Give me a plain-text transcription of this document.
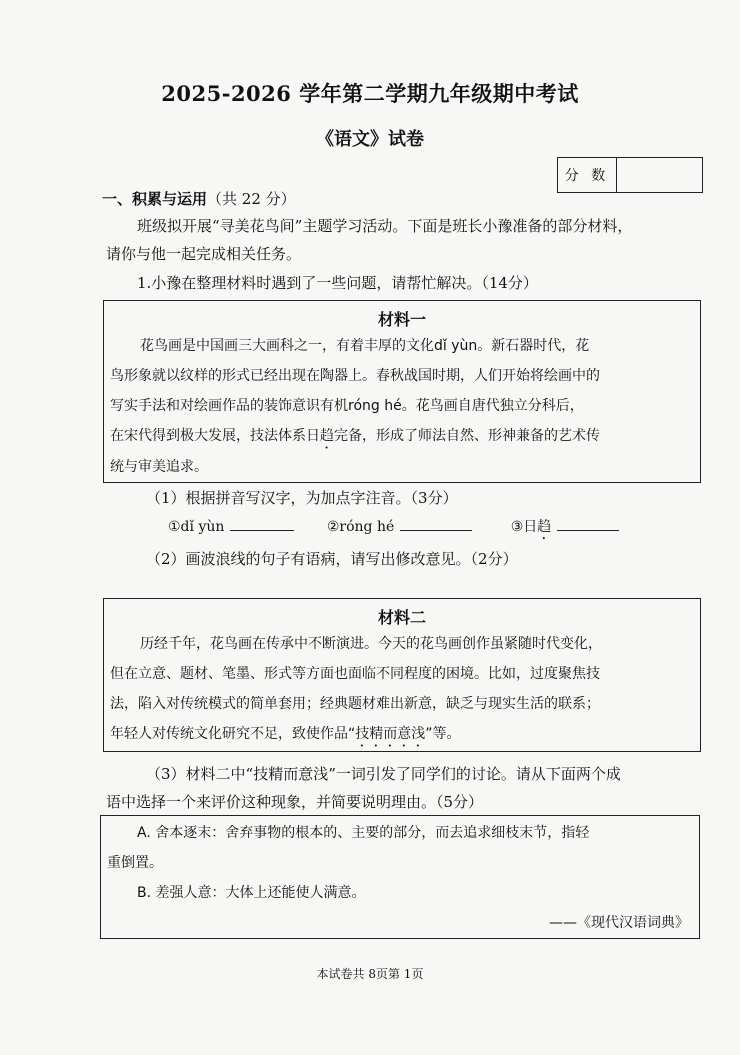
2025-2026 学年第二学期九年级期中考试
《语文》试卷
分 数
一、积累与运用（共 22 分）
班级拟开展“寻美花鸟间”主题学习活动。下面是班长小豫准备的部分材料，
请你与他一起完成相关任务。
1.小豫在整理材料时遇到了一些问题，请帮忙解决。（14分）
材料一
花鸟画是中国画三大画科之一，有着丰厚的文化dǐ yùn。新石器时代，花
鸟形象就以纹样的形式已经出现在陶器上。春秋战国时期，人们开始将绘画中的
写实手法和对绘画作品的装饰意识有机róng hé。花鸟画自唐代独立分科后，
在宋代得到极大发展，技法体系日趋完备，形成了师法自然、形神兼备的艺术传
统与审美追求。
（1）根据拼音写汉字，为加点字注音。（3分）
①dǐ yùn	②róng hé	③日趋
（2）画波浪线的句子有语病，请写出修改意见。（2分）
材料二
历经千年，花鸟画在传承中不断演进。今天的花鸟画创作虽紧随时代变化，
但在立意、题材、笔墨、形式等方面也面临不同程度的困境。比如，过度聚焦技
法，陷入对传统模式的简单套用；经典题材难出新意，缺乏与现实生活的联系；
年轻人对传统文化研究不足，致使作品“技精而意浅”等。
（3）材料二中“技精而意浅”一词引发了同学们的讨论。请从下面两个成
语中选择一个来评价这种现象，并简要说明理由。（5分）
A. 舍本逐末：舍弃事物的根本的、主要的部分，而去追求细枝末节，指轻
重倒置。
B. 差强人意：大体上还能使人满意。
——《现代汉语词典》
本试卷共 8页第 1页
